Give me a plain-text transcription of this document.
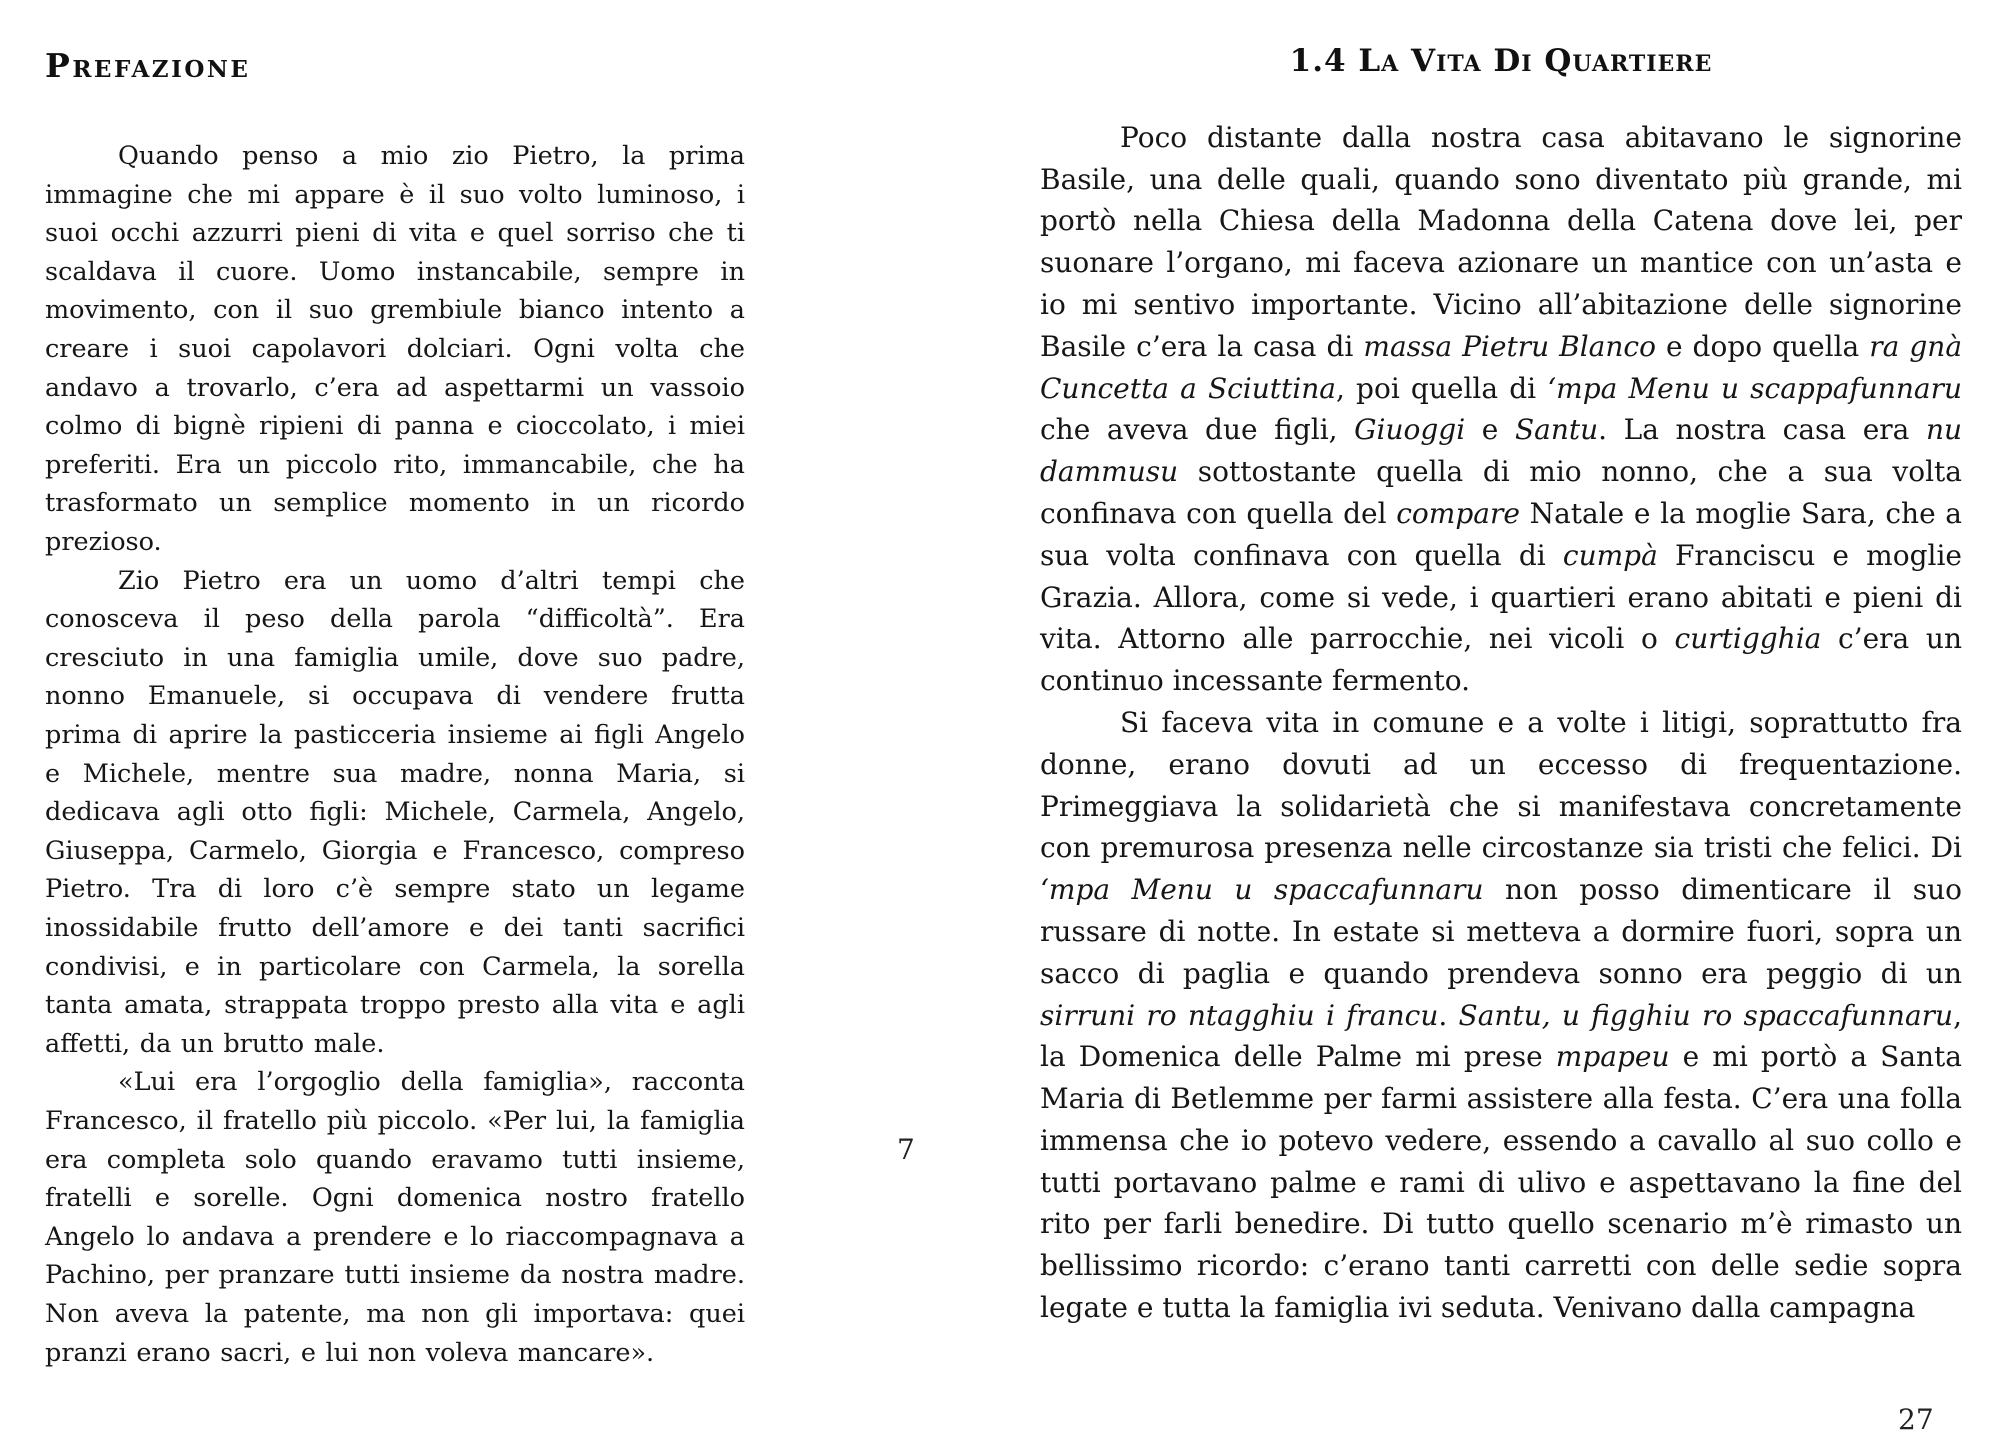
Prefazione

Quando penso a mio zio Pietro, la prima immagine che mi appare è il suo volto luminoso, i suoi occhi azzurri pieni di vita e quel sorriso che ti scaldava il cuore. Uomo instancabile, sempre in movimento, con il suo grembiule bianco intento a creare i suoi capolavori dolciari. Ogni volta che andavo a trovarlo, c’era ad aspettarmi un vassoio colmo di bignè ripieni di panna e cioccolato, i miei preferiti. Era un piccolo rito, immancabile, che ha trasformato un semplice momento in un ricordo prezioso.

Zio Pietro era un uomo d’altri tempi che conosceva il peso della parola “difficoltà”. Era cresciuto in una famiglia umile, dove suo padre, nonno Emanuele, si occupava di vendere frutta prima di aprire la pasticceria insieme ai figli Angelo e Michele, mentre sua madre, nonna Maria, si dedicava agli otto figli: Michele, Carmela, Angelo, Giuseppa, Carmelo, Giorgia e Francesco, compreso Pietro. Tra di loro c’è sempre stato un legame inossidabile frutto dell’amore e dei tanti sacrifici condivisi, e in particolare con Carmela, la sorella tanta amata, strappata troppo presto alla vita e agli affetti, da un brutto male.

«Lui era l’orgoglio della famiglia», racconta Francesco, il fratello più piccolo. «Per lui, la famiglia era completa solo quando eravamo tutti insieme, fratelli e sorelle. Ogni domenica nostro fratello Angelo lo andava a prendere e lo riaccompagnava a Pachino, per pranzare tutti insieme da nostra madre. Non aveva la patente, ma non gli importava: quei pranzi erano sacri, e lui non voleva mancare».

7
1.4 La Vita Di Quartiere

Poco distante dalla nostra casa abitavano le signorine Basile, una delle quali, quando sono diventato più grande, mi portò nella Chiesa della Madonna della Catena dove lei, per suonare l’organo, mi faceva azionare un mantice con un’asta e io mi sentivo importante. Vicino all’abitazione delle signorine Basile c’era la casa di massa Pietru Blanco e dopo quella ra gnà Cuncetta a Sciuttina, poi quella di ‘mpa Menu u scappafunnaru che aveva due figli, Giuoggi e Santu. La nostra casa era nu dammusu sottostante quella di mio nonno, che a sua volta confinava con quella del compare Natale e la moglie Sara, che a sua volta confinava con quella di cumpà Franciscu e moglie Grazia. Allora, come si vede, i quartieri erano abitati e pieni di vita. Attorno alle parrocchie, nei vicoli o curtigghia c’era un continuo incessante fermento.

Si faceva vita in comune e a volte i litigi, soprattutto fra donne, erano dovuti ad un eccesso di frequentazione. Primeggiava la solidarietà che si manifestava concretamente con premurosa presenza nelle circostanze sia tristi che felici. Di ‘mpa Menu u spaccafunnaru non posso dimenticare il suo russare di notte. In estate si metteva a dormire fuori, sopra un sacco di paglia e quando prendeva sonno era peggio di un sirruni ro ntagghiu i francu. Santu, u figghiu ro spaccafunnaru, la Domenica delle Palme mi prese mpapeu e mi portò a Santa Maria di Betlemme per farmi assistere alla festa. C’era una folla immensa che io potevo vedere, essendo a cavallo al suo collo e tutti portavano palme e rami di ulivo e aspettavano la fine del rito per farli benedire. Di tutto quello scenario m’è rimasto un bellissimo ricordo: c’erano tanti carretti con delle sedie sopra legate e tutta la famiglia ivi seduta. Venivano dalla campagna

27
